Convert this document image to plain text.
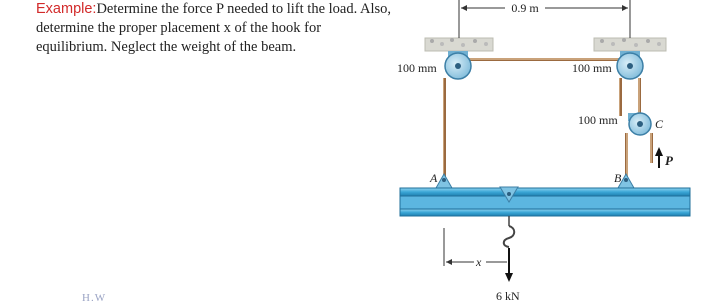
Example:Determine the force P needed to lift the load. Also,
determine the proper placement x of the hook for
equilibrium. Neglect the weight of the beam.
H.W
0.9 m
100 mm	100 mm
100 mm	C
P
A	B
6 kN
x
